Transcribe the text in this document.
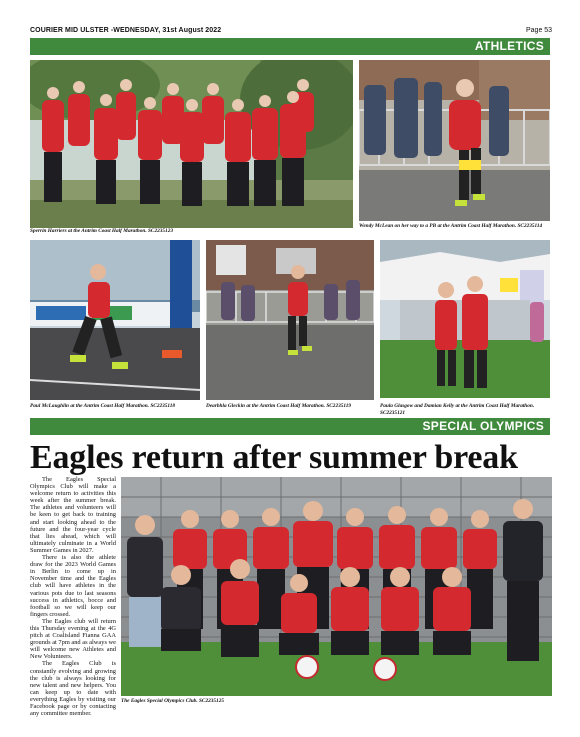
COURIER MID ULSTER -WEDNESDAY, 31st August 2022	Page 53
ATHLETICS
Sperrin Harriers at the Antrim Coast Half Marathon. SC2235123
Wendy McLean on her way to a PB at the Antrim Coast Half Marathon. SC2235114
Paul McLaughlin at the Antrim Coast Half Marathon. SC2235118	Dearbhla Gleckin at the Antrim Coast Half Marathon. SC2235119	Paula Glasgow and Damian Kelly at the Antrim Coast Half Marathon. SC2235121
SPECIAL OLYMPICS
Eagles return after summer break

The Eagles Special Olympics Club will make a welcome return to activities this week after the summer break. The athletes and volunteers will be keen to get back to training and start looking ahead to the future and the four-year cycle that lies ahead, which will ultimately culminate in a World Summer Games in 2027.

There is also the athlete draw for the 2023 World Games in Berlin to come up in November time and the Eagles club will have athletes in the various pots due to last seasons success in athletics, bocce and football so we will keep our fingers crossed.

The Eagles club will return this Thursday evening at the 4G pitch at Coalisland Fianna GAA grounds at 7pm and as always we will welcome new Athletes and New Volunteers.

The Eagles Club is constantly evolving and growing the club is always looking for new talent and new helpers. You can keep up to date with everything Eagles by visiting our Facebook page or by contacting any committee member.

The Eagles Special Olympics Club. SC2235125
